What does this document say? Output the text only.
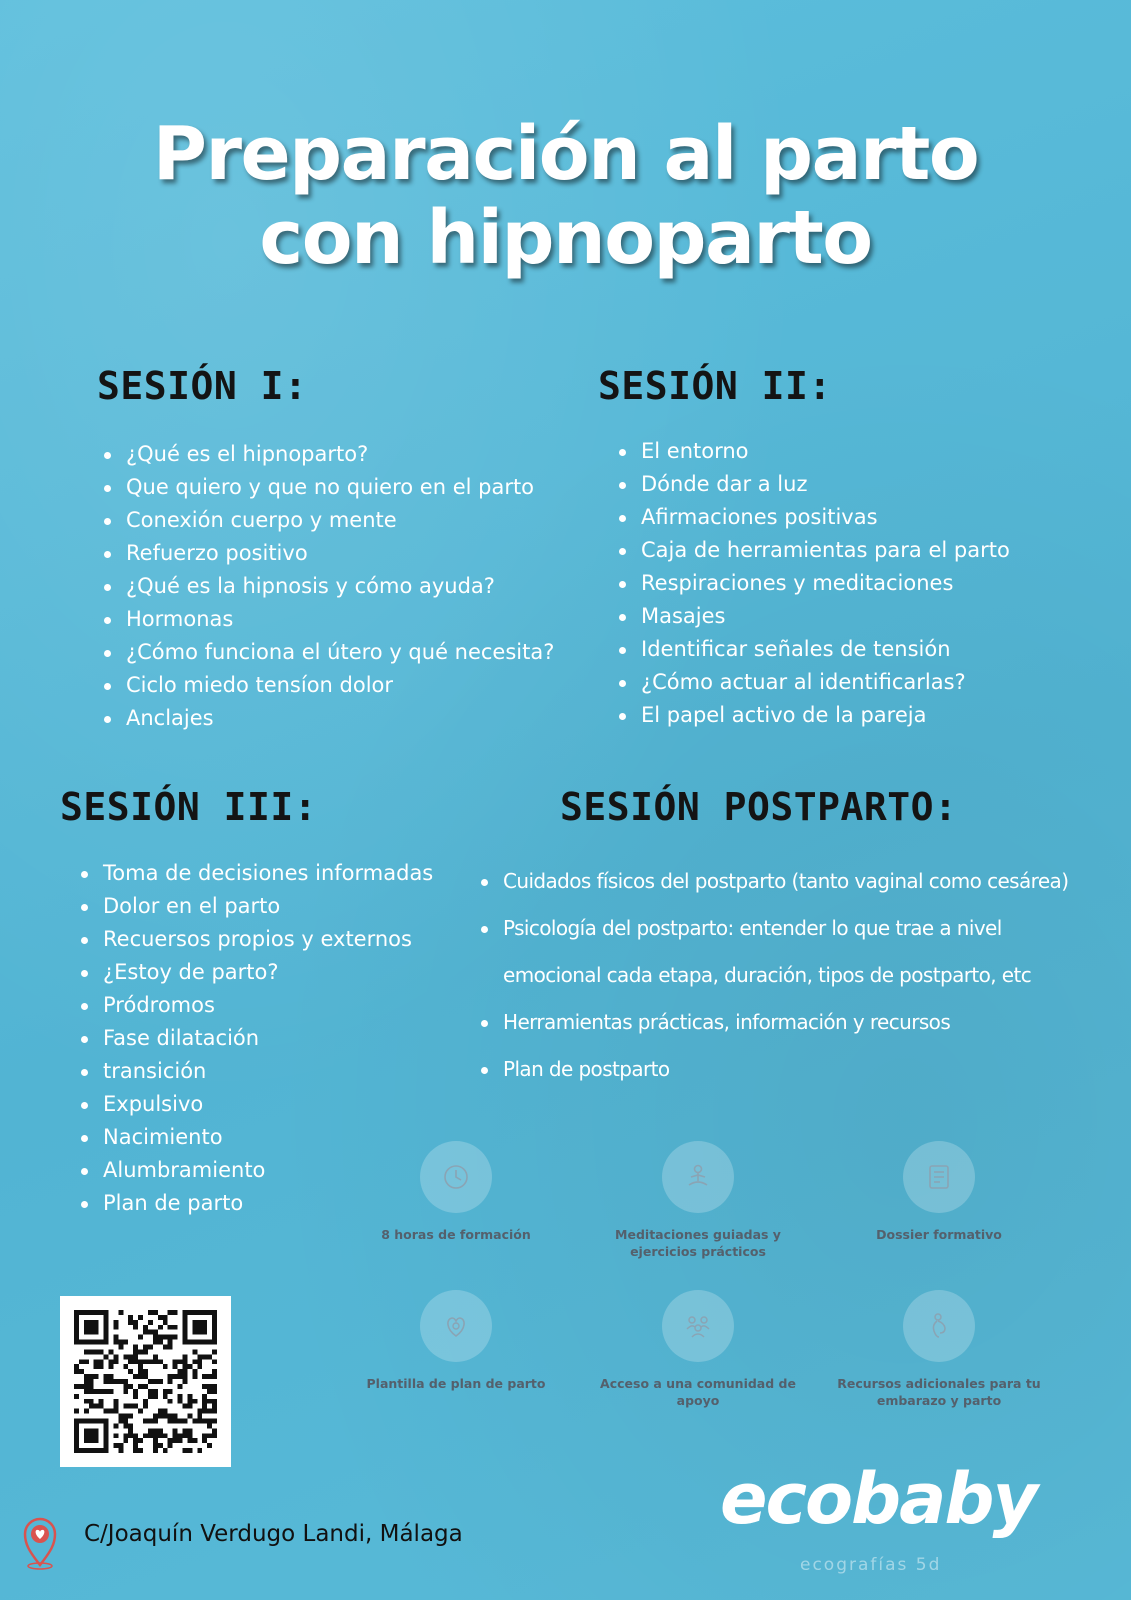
Preparación al parto
con hipnoparto
SESIÓN I:
¿Qué es el hipnoparto?
Que quiero y que no quiero en el parto
Conexión cuerpo y mente
Refuerzo positivo
¿Qué es la hipnosis y cómo ayuda?
Hormonas
¿Cómo funciona el útero y qué necesita?
Ciclo miedo tensíon dolor
Anclajes
SESIÓN II:
El entorno
Dónde dar a luz
Afirmaciones positivas
Caja de herramientas para el parto
Respiraciones y meditaciones
Masajes
Identificar señales de tensión
¿Cómo actuar al identificarlas?
El papel activo de la pareja
SESIÓN III:
Toma de decisiones informadas
Dolor en el parto
Recuersos propios y externos
¿Estoy de parto?
Pródromos
Fase dilatación
transición
Expulsivo
Nacimiento
Alumbramiento
Plan de parto
SESIÓN POSTPARTO:
Cuidados físicos del postparto (tanto vaginal como cesárea)
Psicología del postparto: entender lo que trae a nivel
emocional cada etapa, duración, tipos de postparto, etc
Herramientas prácticas, información y recursos
Plan de postparto
8 horas de formación	Meditaciones guiadas y ejercicios prácticos
Dossier formativo
Plantilla de plan de parto	Acceso a una comunidad de apoyo
Recursos adicionales para tu embarazo y parto
C/Joaquín Verdugo Landi, Málaga	ecobaby
ecografías 5d
